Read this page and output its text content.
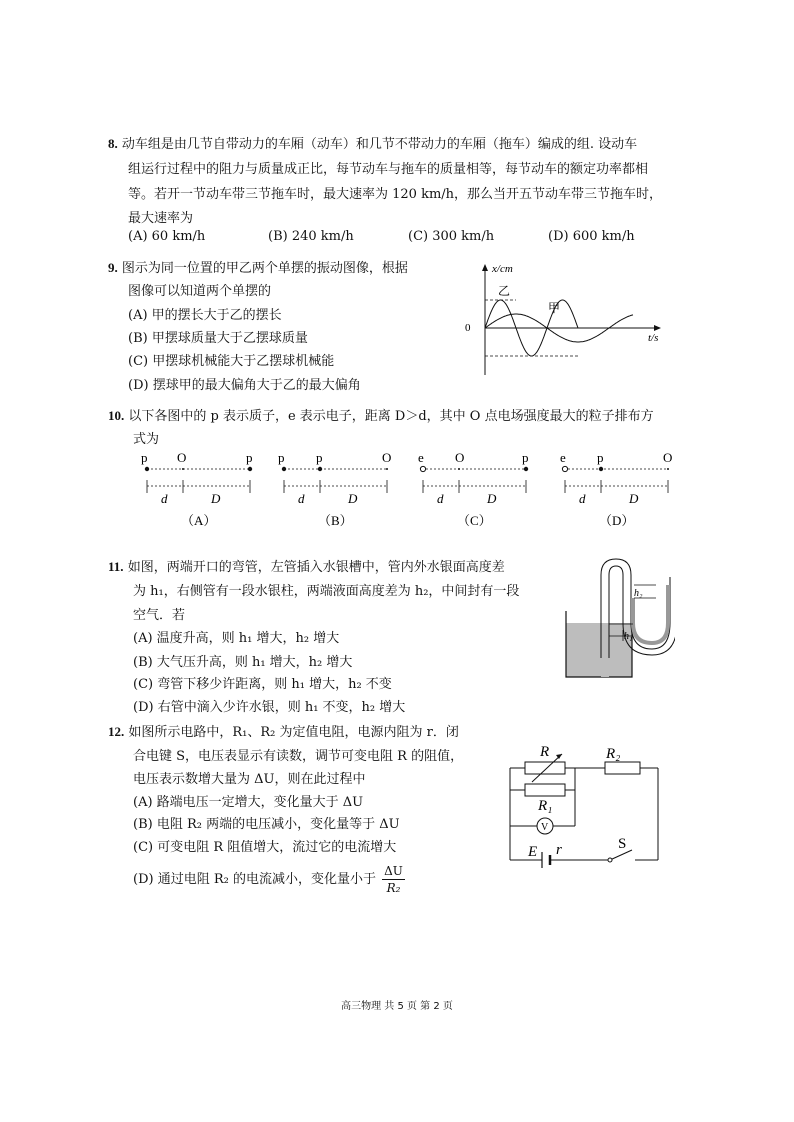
8. 动车组是由几节自带动力的车厢（动车）和几节不带动力的车厢（拖车）编成的组. 设动车
组运行过程中的阻力与质量成正比，每节动车与拖车的质量相等，每节动车的额定功率都相
等。若开一节动车带三节拖车时，最大速率为 120 km/h，那么当开五节动车带三节拖车时，
最大速率为
(A) 60 km/h	(B) 240 km/h	(C) 300 km/h	(D) 600 km/h
9. 图示为同一位置的甲乙两个单摆的振动图像，根据
图像可以知道两个单摆的
(A) 甲的摆长大于乙的摆长
(B) 甲摆球质量大于乙摆球质量
(C) 甲摆球机械能大于乙摆球机械能
(D) 摆球甲的最大偏角大于乙的最大偏角
x/cm
t/s
0
乙
甲
10. 以下各图中的 p 表示质子，e 表示电子，距离 D＞d，其中 O 点电场强度最大的粒子排布方
式为
p O	p
d	D
（A）
p p	O
d	D
（B）
e O	p
d	D
（C）
e p	O
d	D
（D）
11. 如图，两端开口的弯管，左管插入水银槽中，管内外水银面高度差
为 h₁，右侧管有一段水银柱，两端液面高度差为 h₂，中间封有一段
空气．若
(A) 温度升高，则 h₁ 增大，h₂ 增大
(B) 大气压升高，则 h₁ 增大，h₂ 增大
(C) 弯管下移少许距离，则 h₁ 增大，h₂ 不变
(D) 右管中滴入少许水银，则 h₁ 不变，h₂ 增大
h₁
h₂
12. 如图所示电路中，R₁、R₂ 为定值电阻，电源内阻为 r．闭
合电键 S，电压表显示有读数，调节可变电阻 R 的阻值，
电压表示数增大量为 ΔU，则在此过程中
(A) 路端电压一定增大，变化量大于 ΔU
(B) 电阻 R₂ 两端的电压减小，变化量等于 ΔU
(C) 可变电阻 R 阻值增大，流过它的电流增大
(D) 通过电阻 R₂ 的电流减小，变化量小于 $\frac{\Delta U}{\text{R₂}}$
R	R₂
R₁
V
E r	S
高三物理 共 5 页 第 2 页
